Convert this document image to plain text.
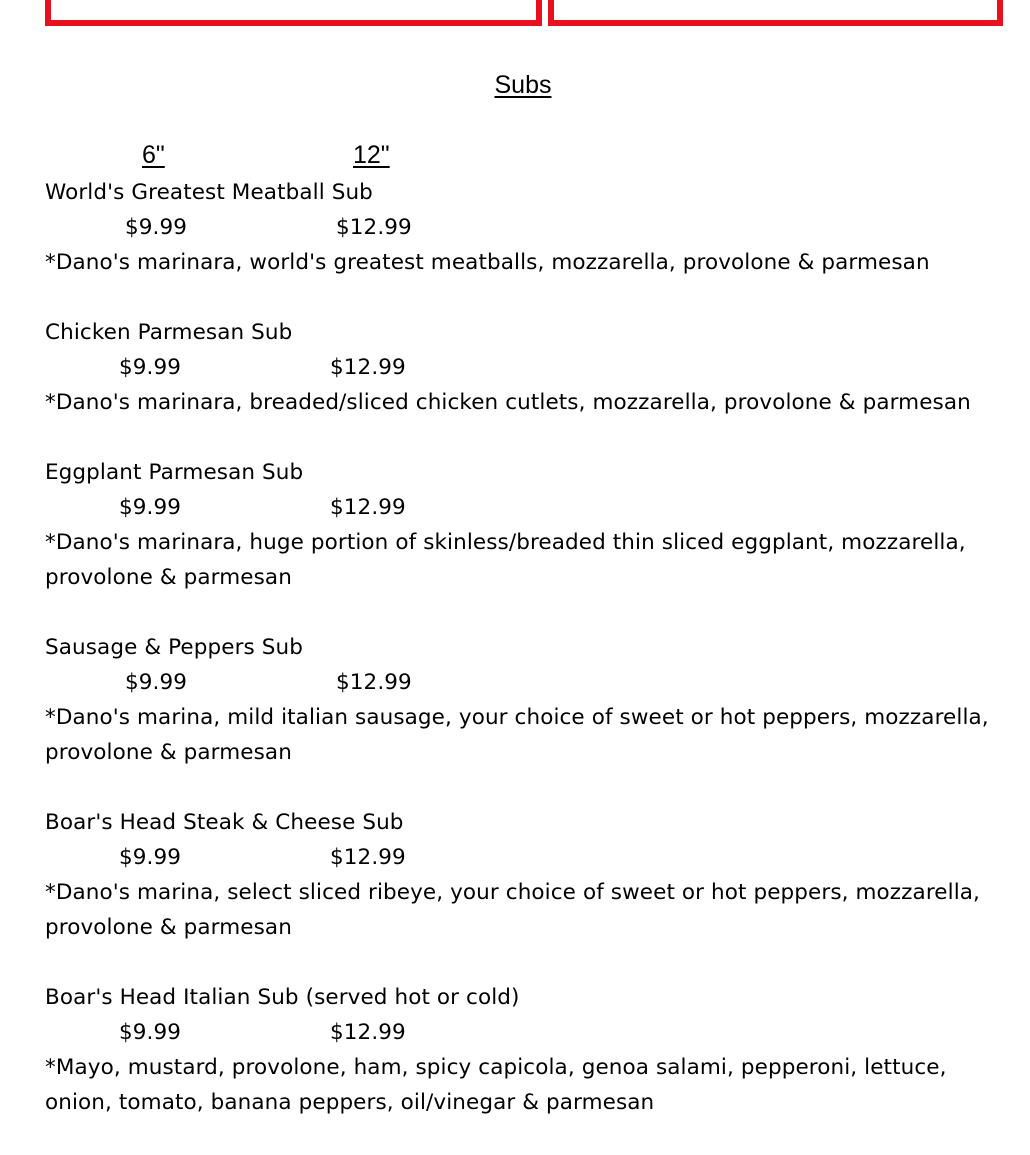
Subs
6"	12"
World's Greatest Meatball Sub
$9.99	$12.99
*Dano's marinara, world's greatest meatballs, mozzarella, provolone & parmesan
Chicken Parmesan Sub
$9.99	$12.99
*Dano's marinara, breaded/sliced chicken cutlets, mozzarella, provolone & parmesan
Eggplant Parmesan Sub
$9.99	$12.99
*Dano's marinara, huge portion of skinless/breaded thin sliced eggplant, mozzarella, provolone & parmesan
Sausage & Peppers Sub
$9.99	$12.99
*Dano's marina, mild italian sausage, your choice of sweet or hot peppers, mozzarella, provolone & parmesan
Boar's Head Steak & Cheese Sub
$9.99	$12.99
*Dano's marina, select sliced ribeye, your choice of sweet or hot peppers, mozzarella, provolone & parmesan
Boar's Head Italian Sub (served hot or cold)
$9.99	$12.99
*Mayo, mustard, provolone, ham, spicy capicola, genoa salami, pepperoni, lettuce, onion, tomato, banana peppers, oil/vinegar & parmesan
